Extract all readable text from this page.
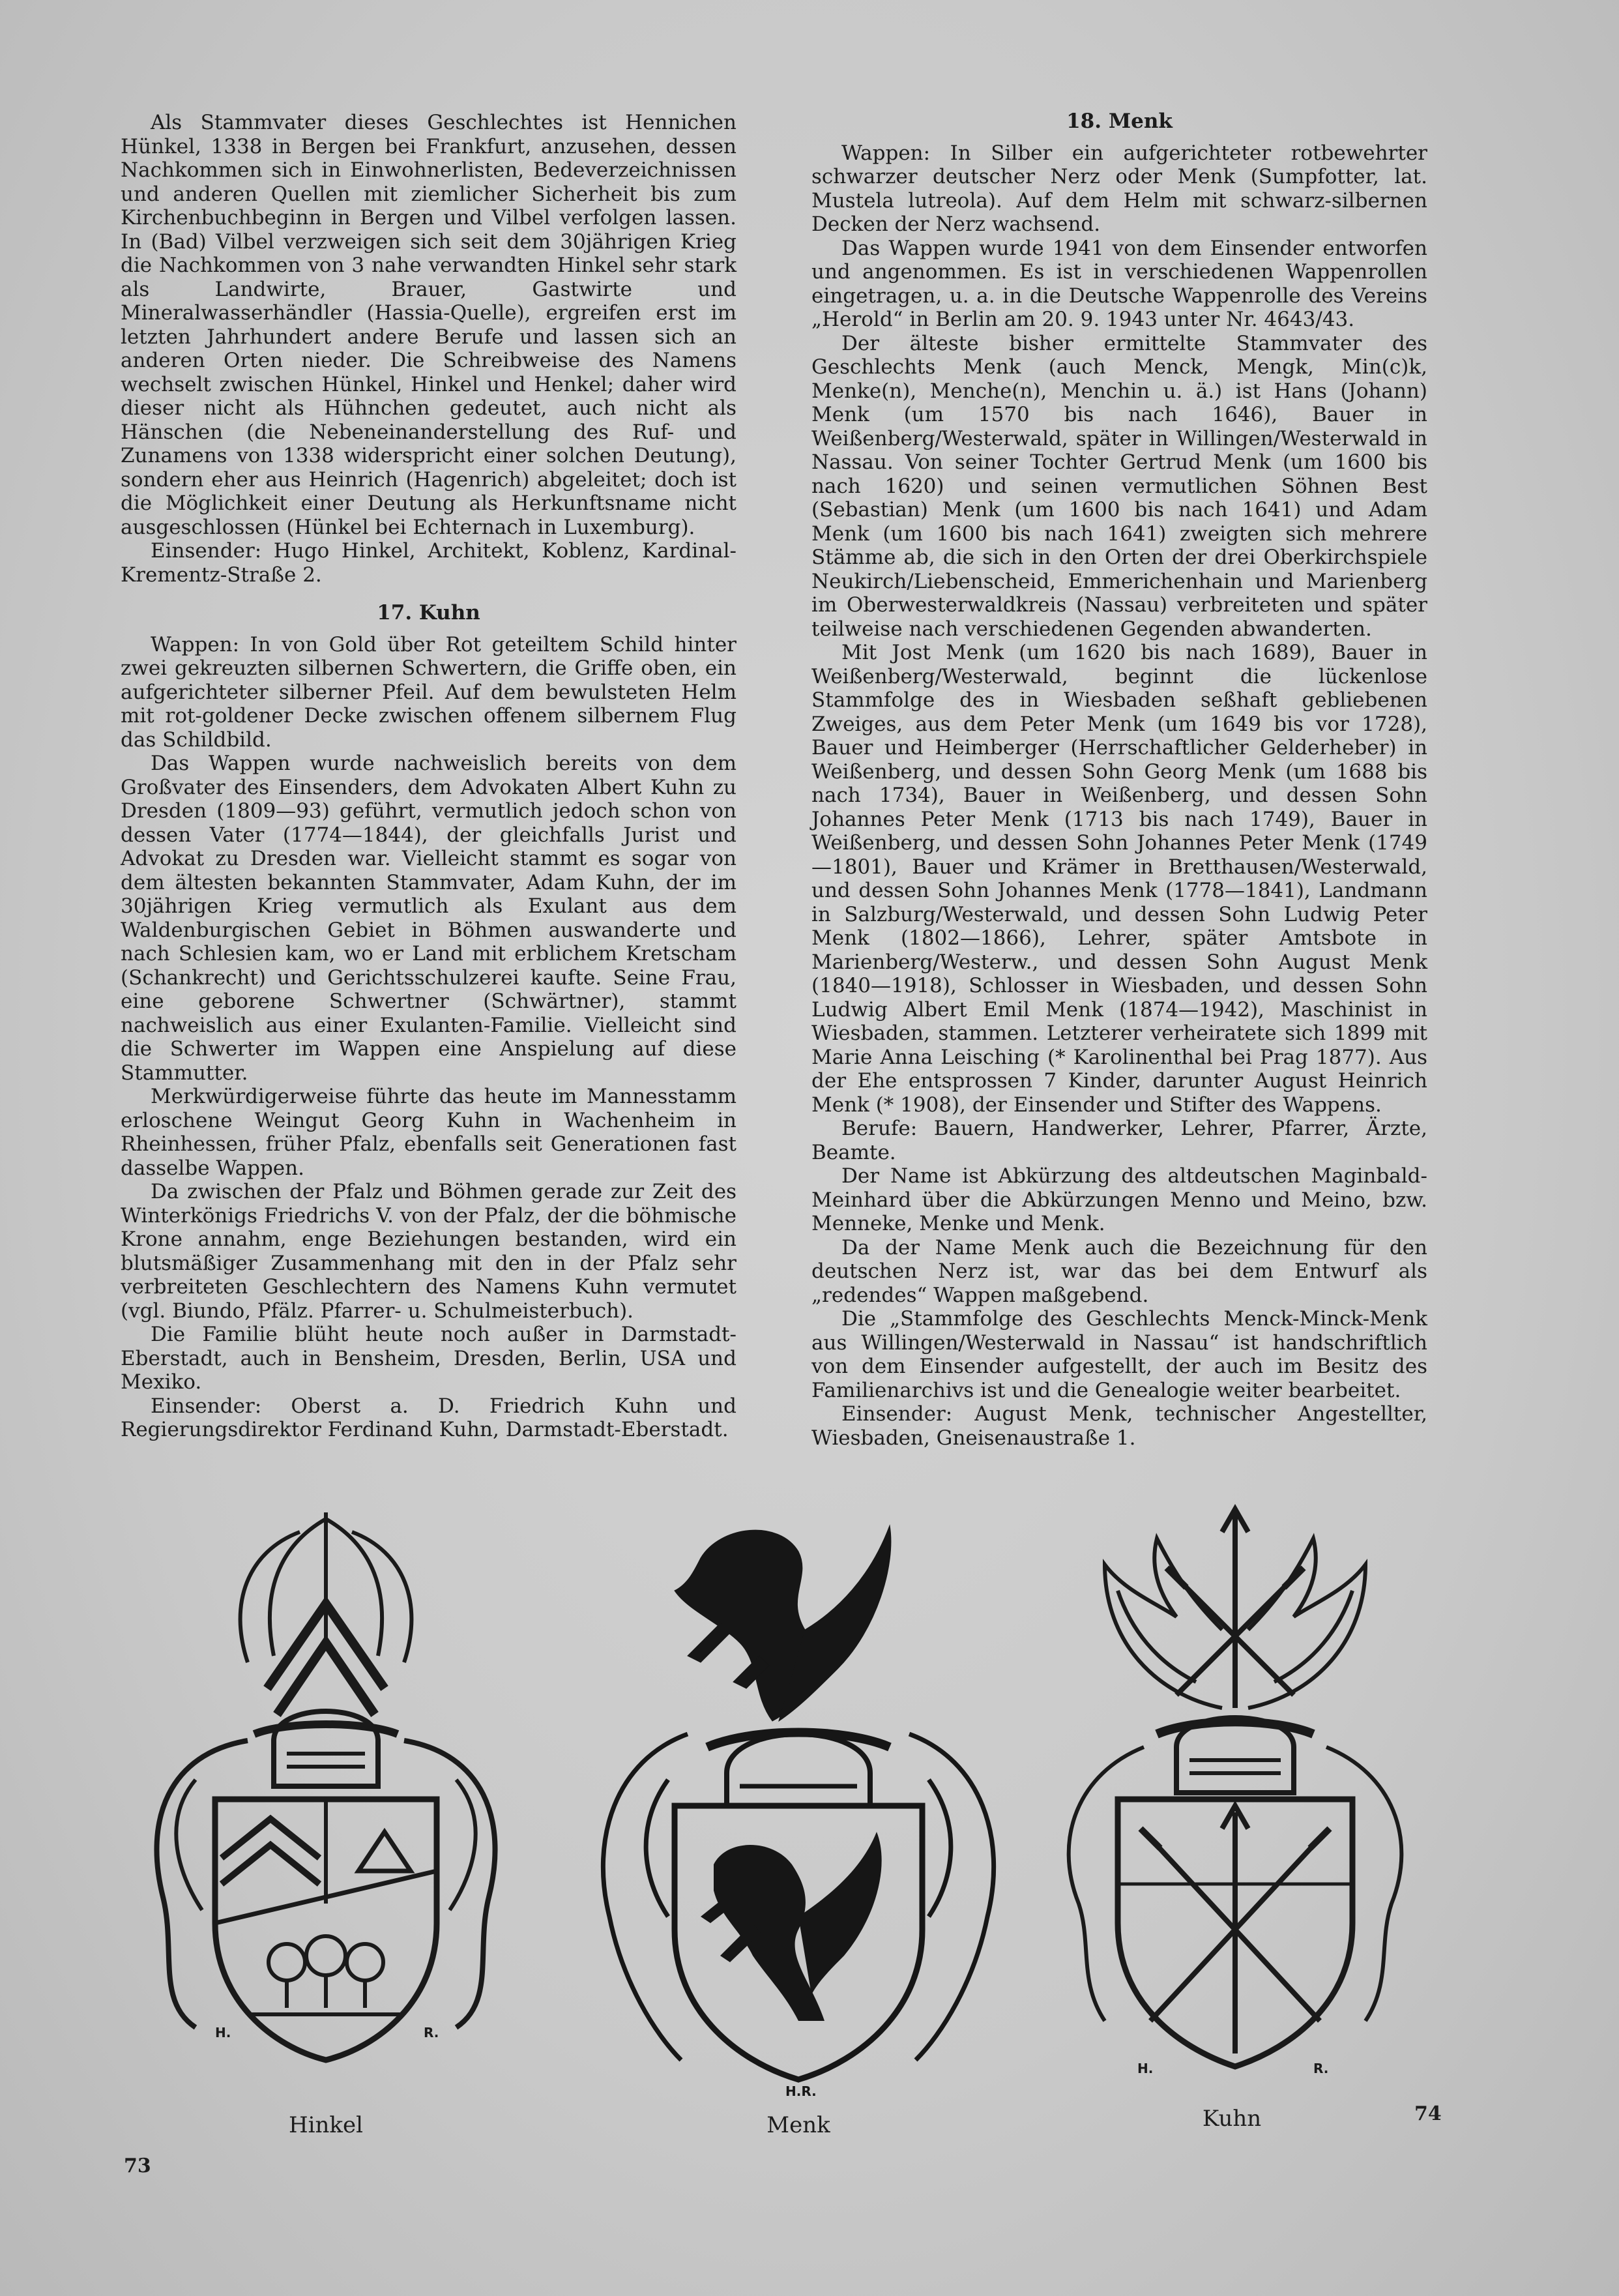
Als Stammvater dieses Geschlechtes ist Hennichen Hünkel, 1338 in Bergen bei Frankfurt, anzusehen, dessen Nachkommen sich in Einwohnerlisten, Bedeverzeichnissen und anderen Quellen mit ziemlicher Sicherheit bis zum Kirchenbuchbeginn in Bergen und Vilbel verfolgen lassen. In (Bad) Vilbel verzweigen sich seit dem 30jährigen Krieg die Nachkommen von 3 nahe verwandten Hinkel sehr stark als Landwirte, Brauer, Gastwirte und Mineralwasserhändler (Hassia-Quelle), ergreifen erst im letzten Jahrhundert andere Berufe und lassen sich an anderen Orten nieder. Die Schreibweise des Namens wechselt zwischen Hünkel, Hinkel und Henkel; daher wird dieser nicht als Hühnchen gedeutet, auch nicht als Hänschen (die Nebeneinanderstellung des Ruf- und Zunamens von 1338 widerspricht einer solchen Deutung), sondern eher aus Heinrich (Hagenrich) abgeleitet; doch ist die Möglichkeit einer Deutung als Herkunftsname nicht ausgeschlossen (Hünkel bei Echternach in Luxemburg).

Einsender: Hugo Hinkel, Architekt, Koblenz, Kardinal-Krementz-Straße 2.

17. Kuhn

Wappen: In von Gold über Rot geteiltem Schild hinter zwei gekreuzten silbernen Schwertern, die Griffe oben, ein aufgerichteter silberner Pfeil. Auf dem bewulsteten Helm mit rot-goldener Decke zwischen offenem silbernem Flug das Schildbild.

Das Wappen wurde nachweislich bereits von dem Großvater des Einsenders, dem Advokaten Albert Kuhn zu Dresden (1809—93) geführt, vermutlich jedoch schon von dessen Vater (1774—1844), der gleichfalls Jurist und Advokat zu Dresden war. Vielleicht stammt es sogar von dem ältesten bekannten Stammvater, Adam Kuhn, der im 30jährigen Krieg vermutlich als Exulant aus dem Waldenburgischen Gebiet in Böhmen auswanderte und nach Schlesien kam, wo er Land mit erblichem Kretscham (Schankrecht) und Gerichtsschulzerei kaufte. Seine Frau, eine geborene Schwertner (Schwärtner), stammt nachweislich aus einer Exulanten-Familie. Vielleicht sind die Schwerter im Wappen eine Anspielung auf diese Stammutter.

Merkwürdigerweise führte das heute im Mannesstamm erloschene Weingut Georg Kuhn in Wachenheim in Rheinhessen, früher Pfalz, ebenfalls seit Generationen fast dasselbe Wappen.

Da zwischen der Pfalz und Böhmen gerade zur Zeit des Winterkönigs Friedrichs V. von der Pfalz, der die böhmische Krone annahm, enge Beziehungen bestanden, wird ein blutsmäßiger Zusammenhang mit den in der Pfalz sehr verbreiteten Geschlechtern des Namens Kuhn vermutet (vgl. Biundo, Pfälz. Pfarrer- u. Schulmeisterbuch).

Die Familie blüht heute noch außer in Darmstadt-Eberstadt, auch in Bensheim, Dresden, Berlin, USA und Mexiko.

Einsender: Oberst a. D. Friedrich Kuhn und Regierungsdirektor Ferdinand Kuhn, Darmstadt-Eberstadt.

18. Menk

Wappen: In Silber ein aufgerichteter rotbewehrter schwarzer deutscher Nerz oder Menk (Sumpfotter, lat. Mustela lutreola). Auf dem Helm mit schwarz-silbernen Decken der Nerz wachsend.

Das Wappen wurde 1941 von dem Einsender entworfen und angenommen. Es ist in verschiedenen Wappenrollen eingetragen, u. a. in die Deutsche Wappenrolle des Vereins „Herold“ in Berlin am 20. 9. 1943 unter Nr. 4643/43.

Der älteste bisher ermittelte Stammvater des Geschlechts Menk (auch Menck, Mengk, Min(c)k, Menke(n), Menche(n), Menchin u. ä.) ist Hans (Johann) Menk (um 1570 bis nach 1646), Bauer in Weißenberg/Westerwald, später in Willingen/Westerwald in Nassau. Von seiner Tochter Gertrud Menk (um 1600 bis nach 1620) und seinen vermutlichen Söhnen Best (Sebastian) Menk (um 1600 bis nach 1641) und Adam Menk (um 1600 bis nach 1641) zweigten sich mehrere Stämme ab, die sich in den Orten der drei Oberkirchspiele Neukirch/Liebenscheid, Emmerichenhain und Marienberg im Oberwesterwaldkreis (Nassau) verbreiteten und später teilweise nach verschiedenen Gegenden abwanderten.

Mit Jost Menk (um 1620 bis nach 1689), Bauer in Weißenberg/Westerwald, beginnt die lückenlose Stammfolge des in Wiesbaden seßhaft gebliebenen Zweiges, aus dem Peter Menk (um 1649 bis vor 1728), Bauer und Heimberger (Herrschaftlicher Gelderheber) in Weißenberg, und dessen Sohn Georg Menk (um 1688 bis nach 1734), Bauer in Weißenberg, und dessen Sohn Johannes Peter Menk (1713 bis nach 1749), Bauer in Weißenberg, und dessen Sohn Johannes Peter Menk (1749—1801), Bauer und Krämer in Bretthausen/Westerwald, und dessen Sohn Johannes Menk (1778—1841), Landmann in Salzburg/Westerwald, und dessen Sohn Ludwig Peter Menk (1802—1866), Lehrer, später Amtsbote in Marienberg/Westerw., und dessen Sohn August Menk (1840—1918), Schlosser in Wiesbaden, und dessen Sohn Ludwig Albert Emil Menk (1874—1942), Maschinist in Wiesbaden, stammen. Letzterer verheiratete sich 1899 mit Marie Anna Leisching (* Karolinenthal bei Prag 1877). Aus der Ehe entsprossen 7 Kinder, darunter August Heinrich Menk (* 1908), der Einsender und Stifter des Wappens.

Berufe: Bauern, Handwerker, Lehrer, Pfarrer, Ärzte, Beamte.

Der Name ist Abkürzung des altdeutschen Maginbald-Meinhard über die Abkürzungen Menno und Meino, bzw. Menneke, Menke und Menk.

Da der Name Menk auch die Bezeichnung für den deutschen Nerz ist, war das bei dem Entwurf als „redendes“ Wappen maßgebend.

Die „Stammfolge des Geschlechts Menck-Minck-Menk aus Willingen/Westerwald in Nassau“ ist handschriftlich von dem Einsender aufgestellt, der auch im Besitz des Familienarchivs ist und die Genealogie weiter bearbeitet.

Einsender: August Menk, technischer Angestellter, Wiesbaden, Gneisenaustraße 1.

H.	R.
Hinkel
H.R.
Menk
H.	R.
Kuhn
73
74
